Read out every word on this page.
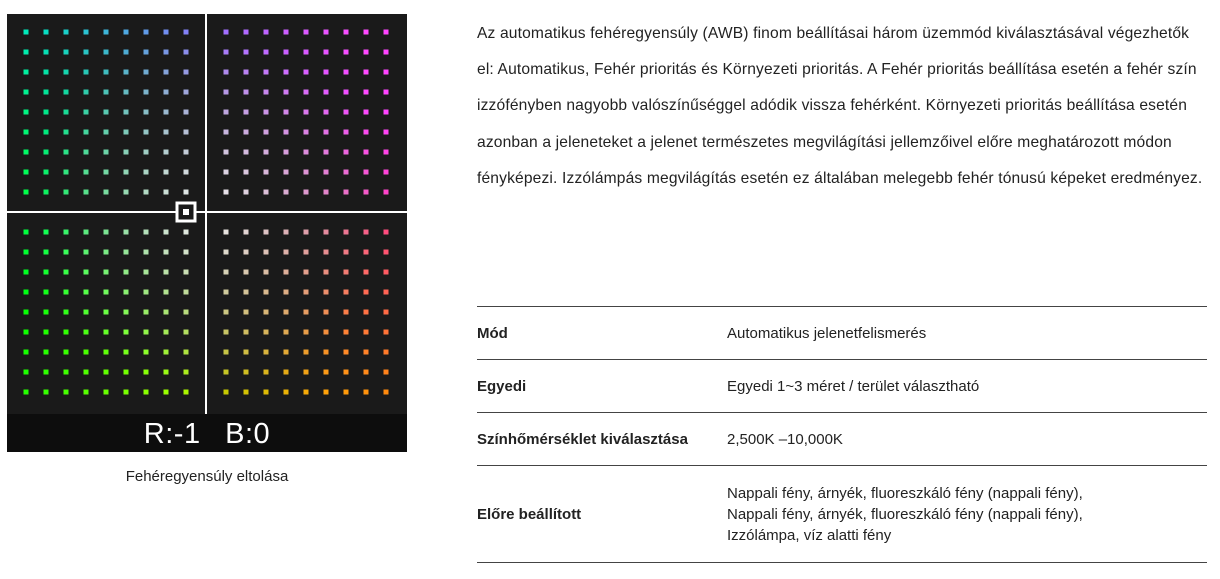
R:-1 B:0
Fehéregyensúly eltolása

Az automatikus fehéregyensúly (AWB) finom beállításai három üzemmód kiválasztásával végezhetők el: Automatikus, Fehér prioritás és Környezeti prioritás. A Fehér prioritás beállítása esetén a fehér szín izzófényben nagyobb valószínűséggel adódik vissza fehérként. Környezeti prioritás beállítása esetén azonban a jeleneteket a jelenet természetes megvilágítási jellemzőivel előre meghatározott módon fényképezi. Izzólámpás megvilágítás esetén ez általában melegebb fehér tónusú képeket eredményez.

Mód	Automatikus jelenetfelismerés

Egyedi	Egyedi 1~3 méret / terület választható

Színhőmérséklet kiválasztása	2,500K –10,000K

Előre beállított	Nappali fény, árnyék, fluoreszkáló fény (nappali fény),
Nappali fény, árnyék, fluoreszkáló fény (nappali fény),
Izzólámpa, víz alatti fény
